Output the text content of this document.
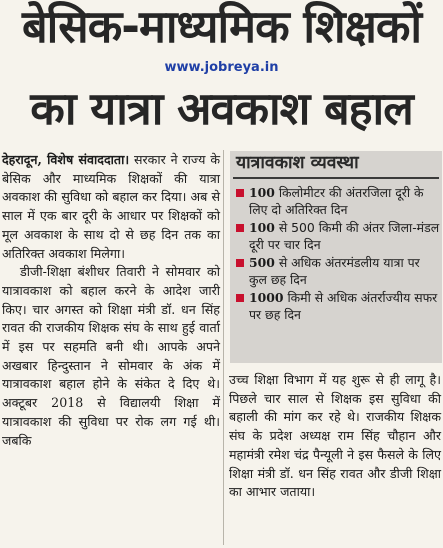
बेसिक-माध्यमिक शिक्षकों
www.jobreya.in
का यात्रा अवकाश बहाल

देहरादून, विशेष संवाददाता। सरकार ने राज्य के बेसिक और माध्यमिक शिक्षकों की यात्रा अवकाश की सुविधा को बहाल कर दिया। अब से साल में एक बार दूरी के आधार पर शिक्षकों को मूल अवकाश के साथ दो से छह दिन तक का अतिरिक्त अवकाश मिलेगा।

डीजी-शिक्षा बंशीधर तिवारी ने सोमवार को यात्रावकाश को बहाल करने के आदेश जारी किए। चार अगस्त को शिक्षा मंत्री डॉ. धन सिंह रावत की राजकीय शिक्षक संघ के साथ हुई वार्ता में इस पर सहमति बनी थी। आपके अपने अखबार हिन्दुस्तान ने सोमवार के अंक में यात्रावकाश बहाल होने के संकेत दे दिए थे।अक्टूबर 2018 से विद्यालयी शिक्षा में यात्रावकाश की सुविधा पर रोक लग गई थी। जबकि

यात्रावकाश व्यवस्था
100 किलोमीटर की अंतरजिला दूरी के लिए दो अतिरिक्त दिन
100 से 500 किमी की अंतर जिला-मंडल दूरी पर चार दिन
500 से अधिक अंतरमंडलीय यात्रा पर कुल छह दिन
1000 किमी से अधिक अंतर्राज्यीय सफर पर छह दिन
उच्च शिक्षा विभाग में यह शुरू से ही लागू है। पिछले चार साल से शिक्षक इस सुविधा की बहाली की मांग कर रहे थे। राजकीय शिक्षक संघ के प्रदेश अध्यक्ष राम सिंह चौहान और महामंत्री रमेश चंद्र पैन्यूली ने इस फैसले के लिए शिक्षा मंत्री डॉ. धन सिंह रावत और डीजी शिक्षा का आभार जताया।
